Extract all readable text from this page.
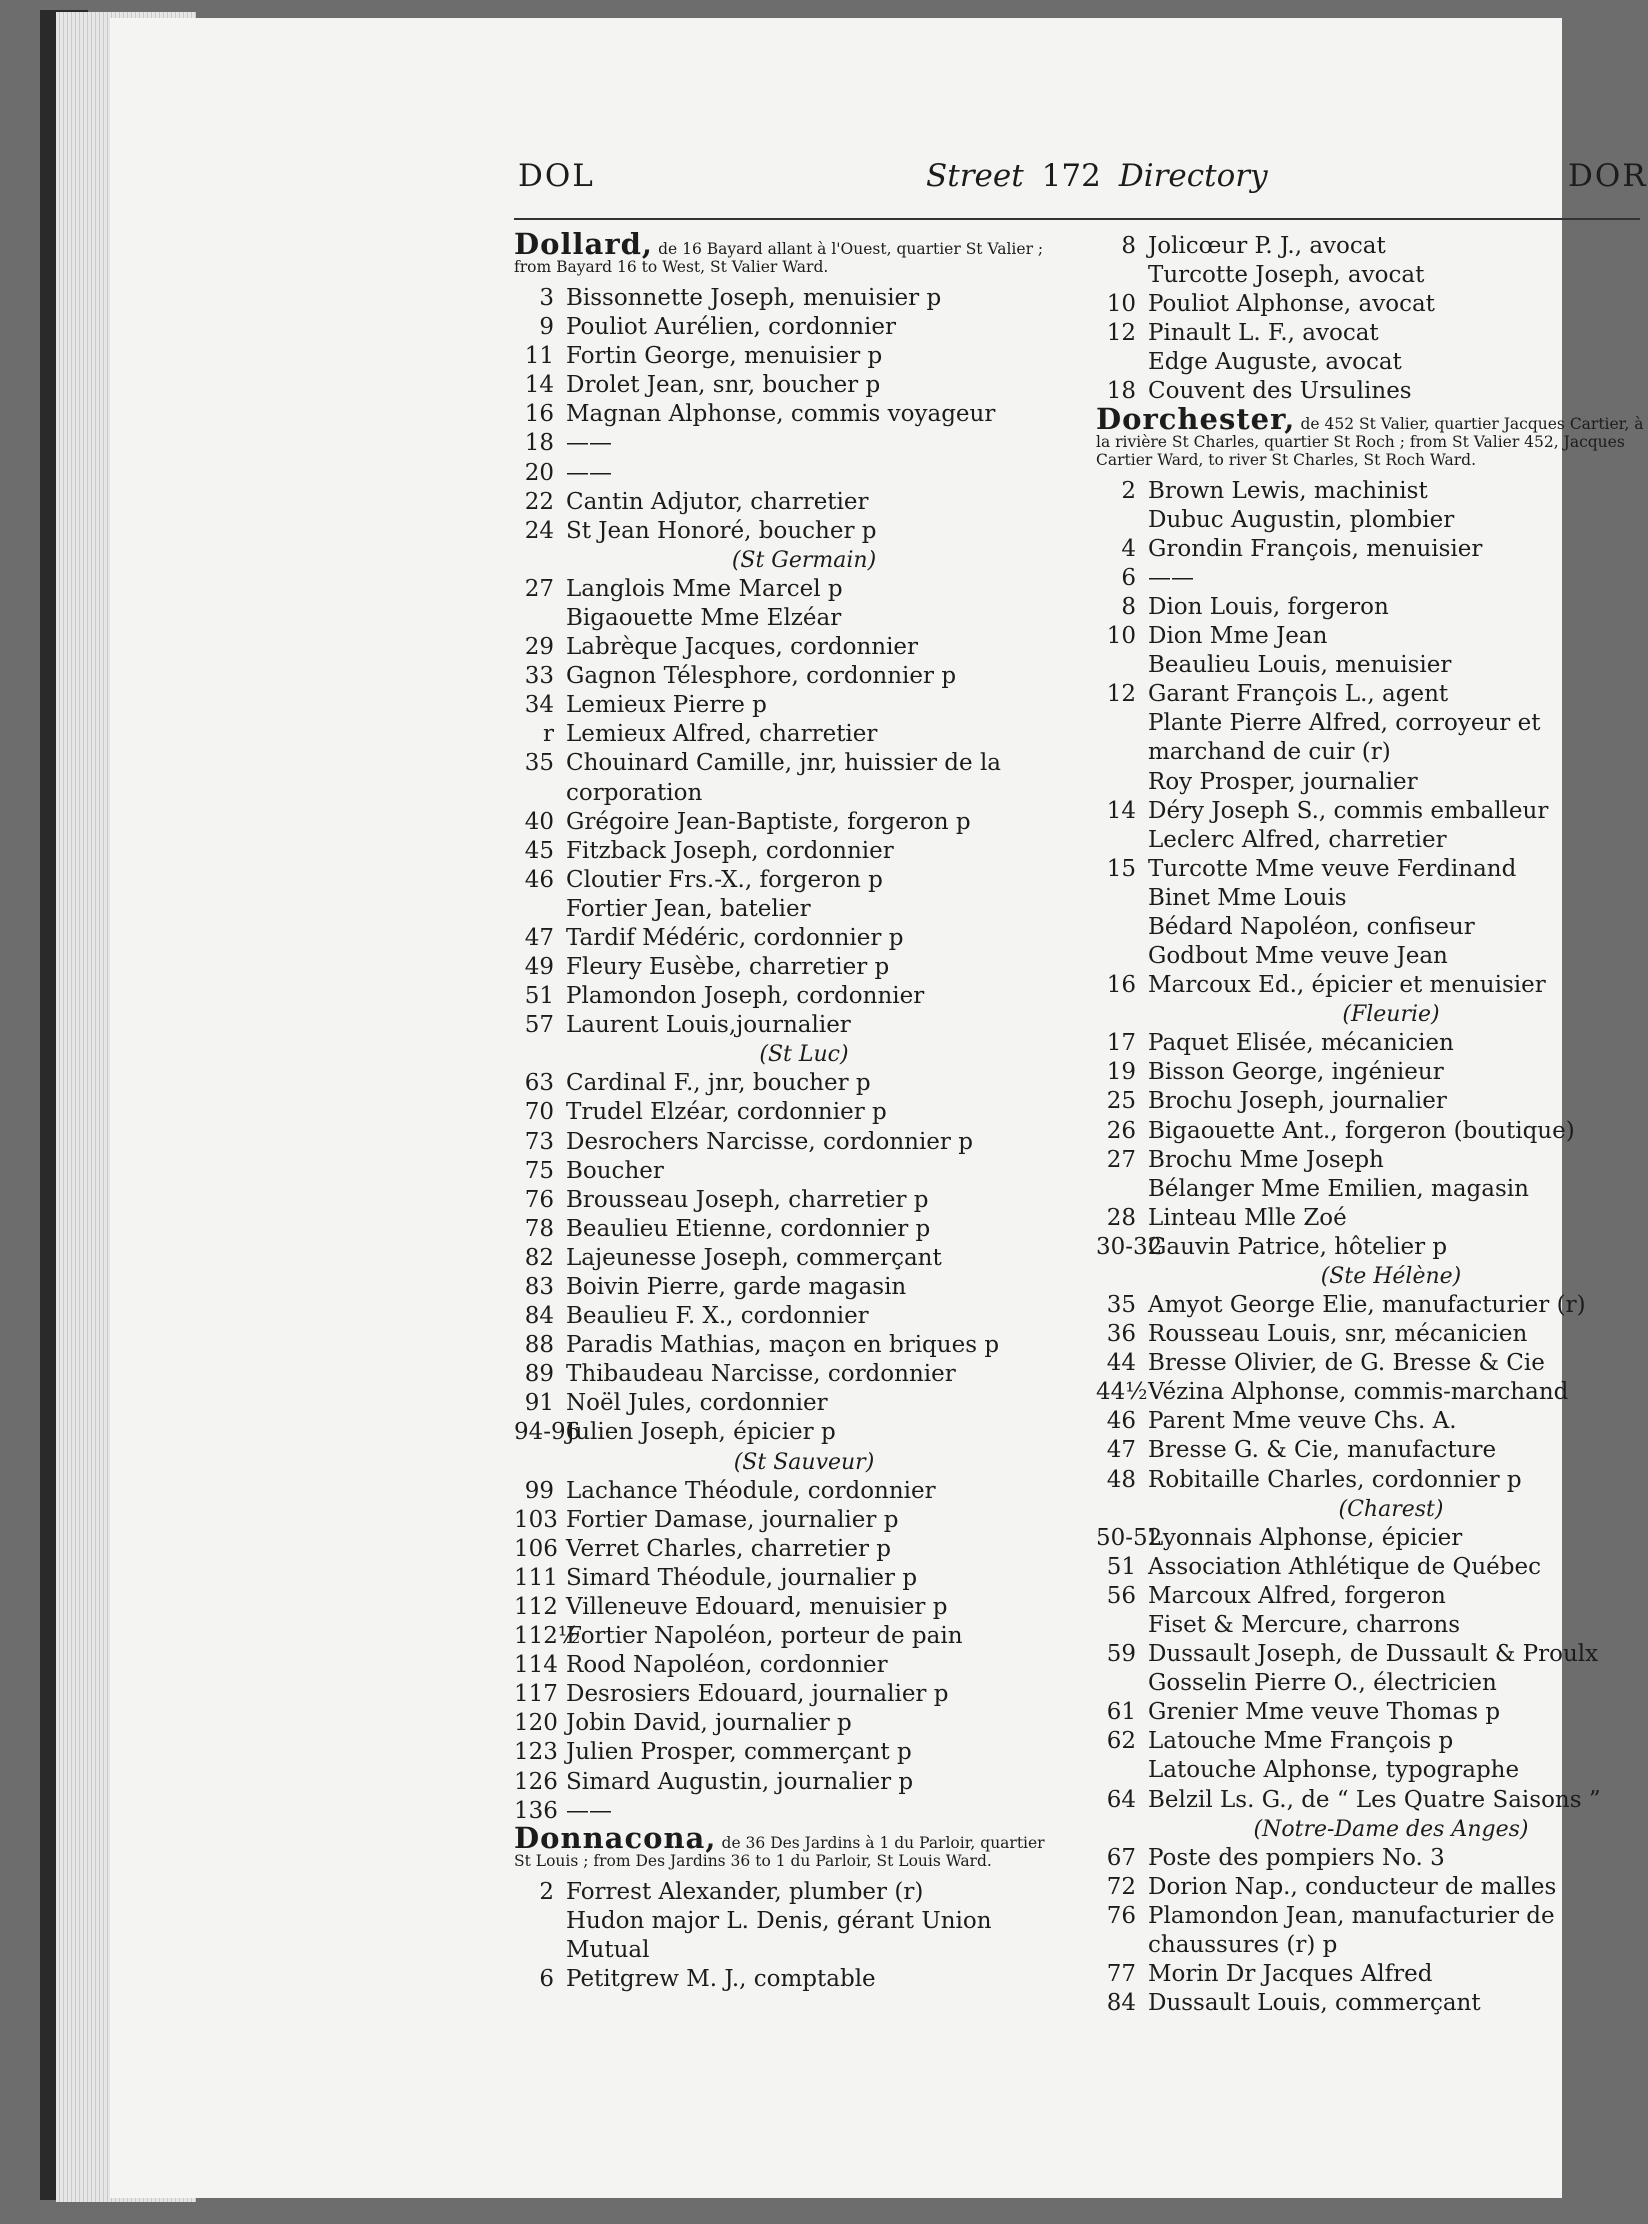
DOL	Street 172 Directory	DOR
Dollard, de 16 Bayard allant à l'Ouest, quartier St Valier ; from Bayard 16 to West, St Valier Ward.
3 Bissonnette Joseph, menuisier p
9 Pouliot Aurélien, cordonnier
11 Fortin George, menuisier p
14 Drolet Jean, snr, boucher p
16 Magnan Alphonse, commis voyageur
18 ——
20 ——
22 Cantin Adjutor, charretier
24 St Jean Honoré, boucher p
(St Germain)
27 Langlois Mme Marcel p
Bigaouette Mme Elzéar
29 Labrèque Jacques, cordonnier
33 Gagnon Télesphore, cordonnier p
34 Lemieux Pierre p
r Lemieux Alfred, charretier
35 Chouinard Camille, jnr, huissier de la corporation
40 Grégoire Jean-Baptiste, forgeron p
45 Fitzback Joseph, cordonnier
46 Cloutier Frs.-X., forgeron p
Fortier Jean, batelier
47 Tardif Médéric, cordonnier p
49 Fleury Eusèbe, charretier p
51 Plamondon Joseph, cordonnier
57 Laurent Louis,journalier
(St Luc)
63 Cardinal F., jnr, boucher p
70 Trudel Elzéar, cordonnier p
73 Desrochers Narcisse, cordonnier p
75 Boucher
76 Brousseau Joseph, charretier p
78 Beaulieu Etienne, cordonnier p
82 Lajeunesse Joseph, commerçant
83 Boivin Pierre, garde magasin
84 Beaulieu F. X., cordonnier
88 Paradis Mathias, maçon en briques p
89 Thibaudeau Narcisse, cordonnier
91 Noël Jules, cordonnier
94-96
Julien Joseph, épicier p
(St Sauveur)
99 Lachance Théodule, cordonnier
103 Fortier Damase, journalier p
106 Verret Charles, charretier p
111 Simard Théodule, journalier p
112 Villeneuve Edouard, menuisier p
112½
Fortier Napoléon, porteur de pain
114 Rood Napoléon, cordonnier
117 Desrosiers Edouard, journalier p
120 Jobin David, journalier p
123 Julien Prosper, commerçant p
126 Simard Augustin, journalier p
136 ——
Donnacona, de 36 Des Jardins à 1 du Parloir, quartier St Louis ; from Des Jardins 36 to 1 du Parloir, St Louis Ward.
2 Forrest Alexander, plumber (r)
Hudon major L. Denis, gérant Union Mutual
6 Petitgrew M. J., comptable
8 Jolicœur P. J., avocat
Turcotte Joseph, avocat
10 Pouliot Alphonse, avocat
12 Pinault L. F., avocat
Edge Auguste, avocat
18 Couvent des Ursulines
Dorchester, de 452 St Valier, quartier Jacques Cartier, à la rivière St Charles, quartier St Roch ; from St Valier 452, Jacques Cartier Ward, to river St Charles, St Roch Ward.
2 Brown Lewis, machinist
Dubuc Augustin, plombier
4 Grondin François, menuisier
6 ——
8 Dion Louis, forgeron
10 Dion Mme Jean
Beaulieu Louis, menuisier
12 Garant François L., agent
Plante Pierre Alfred, corroyeur et marchand de cuir (r)
Roy Prosper, journalier
14 Déry Joseph S., commis emballeur
Leclerc Alfred, charretier
15 Turcotte Mme veuve Ferdinand
Binet Mme Louis
Bédard Napoléon, confiseur
Godbout Mme veuve Jean
16 Marcoux Ed., épicier et menuisier
(Fleurie)
17 Paquet Elisée, mécanicien
19 Bisson George, ingénieur
25 Brochu Joseph, journalier
26 Bigaouette Ant., forgeron (boutique)
27 Brochu Mme Joseph
Bélanger Mme Emilien, magasin
28 Linteau Mlle Zoé
30-32
Gauvin Patrice, hôtelier p
(Ste Hélène)
35 Amyot George Elie, manufacturier (r)
36 Rousseau Louis, snr, mécanicien
44 Bresse Olivier, de G. Bresse & Cie
44½ Vézina Alphonse, commis-marchand
46 Parent Mme veuve Chs. A.
47 Bresse G. & Cie, manufacture
48 Robitaille Charles, cordonnier p
(Charest)
50-52
Lyonnais Alphonse, épicier
51 Association Athlétique de Québec
56 Marcoux Alfred, forgeron
Fiset & Mercure, charrons
59 Dussault Joseph, de Dussault & Proulx
Gosselin Pierre O., électricien
61 Grenier Mme veuve Thomas p
62 Latouche Mme François p
Latouche Alphonse, typographe
64 Belzil Ls. G., de “ Les Quatre Saisons ”
(Notre-Dame des Anges)
67 Poste des pompiers No. 3
72 Dorion Nap., conducteur de malles
76 Plamondon Jean, manufacturier de chaussures (r) p
77 Morin Dr Jacques Alfred
84 Dussault Louis, commerçant
